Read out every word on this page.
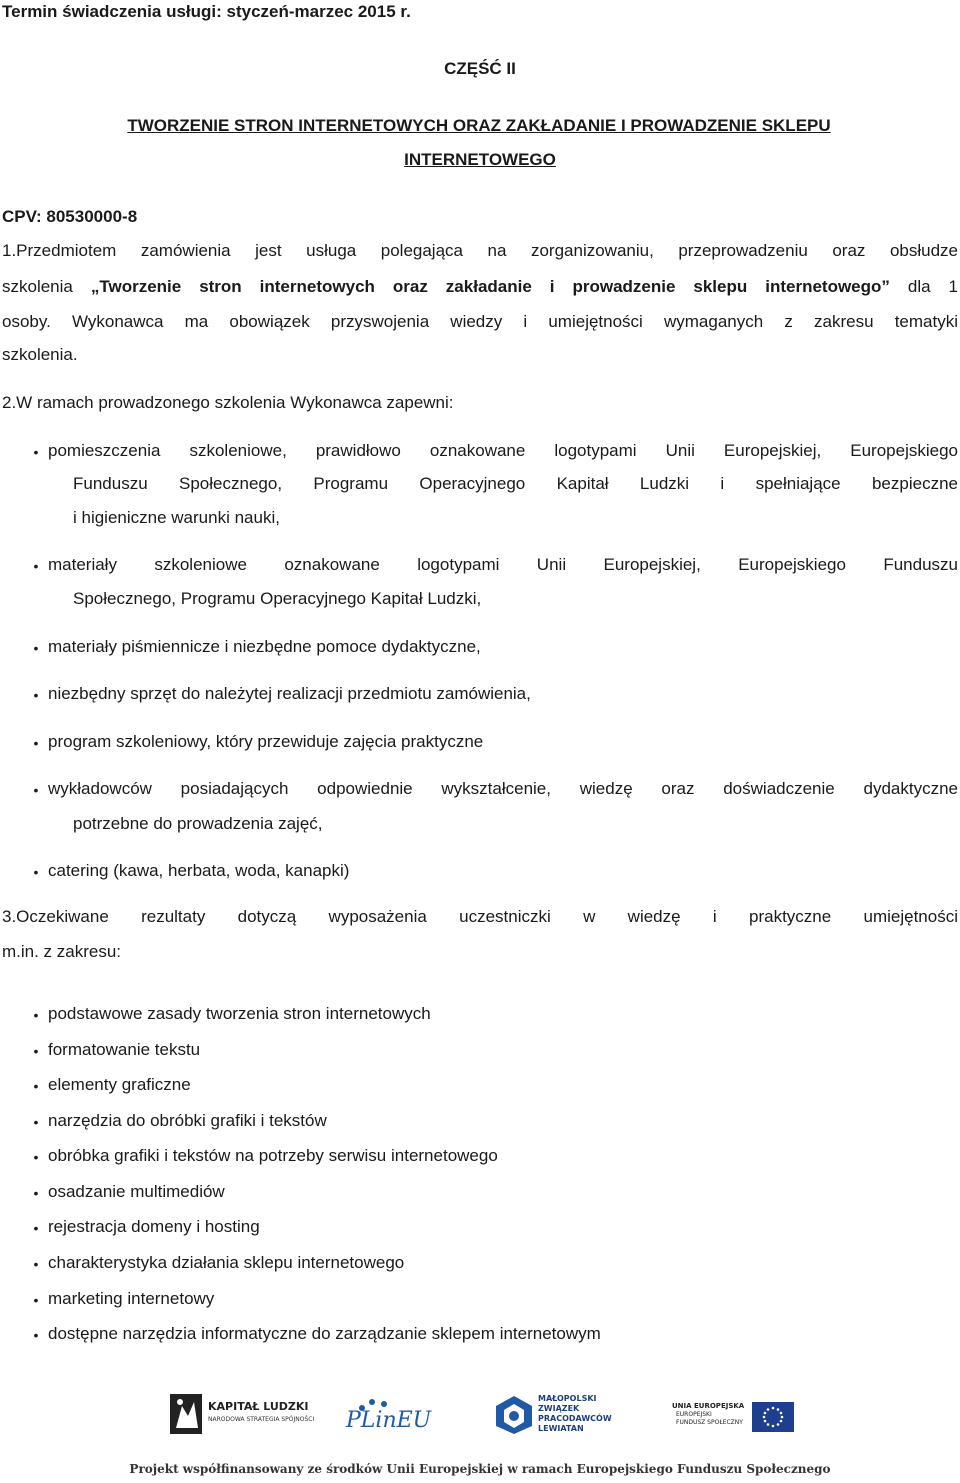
Termin świadczenia usługi: styczeń-marzec 2015 r.
CZĘŚĆ II
TWORZENIE STRON INTERNETOWYCH ORAZ ZAKŁADANIE I PROWADZENIE SKLEPU
INTERNETOWEGO
CPV: 80530000-8
1.Przedmiotem zamówienia jest usługa polegająca na zorganizowaniu, przeprowadzeniu oraz obsłudze
szkolenia „Tworzenie stron internetowych oraz zakładanie i prowadzenie sklepu internetowego” dla 1
osoby. Wykonawca ma obowiązek przyswojenia wiedzy i umiejętności wymaganych z zakresu tematyki
szkolenia.
2.W ramach prowadzonego szkolenia Wykonawca zapewni:
• pomieszczenia szkoleniowe, prawidłowo oznakowane logotypami Unii Europejskiej, Europejskiego
Funduszu Społecznego, Programu Operacyjnego Kapitał Ludzki i spełniające bezpieczne
i higieniczne warunki nauki,
• materiały szkoleniowe oznakowane logotypami Unii Europejskiej, Europejskiego Funduszu
Społecznego, Programu Operacyjnego Kapitał Ludzki,
• materiały piśmiennicze i niezbędne pomoce dydaktyczne,
• niezbędny sprzęt do należytej realizacji przedmiotu zamówienia,
• program szkoleniowy, który przewiduje zajęcia praktyczne
• wykładowców posiadających odpowiednie wykształcenie, wiedzę oraz doświadczenie dydaktyczne
potrzebne do prowadzenia zajęć,
• catering (kawa, herbata, woda, kanapki)
3.Oczekiwane rezultaty dotyczą wyposażenia uczestniczki w wiedzę i praktyczne umiejętności
m.in. z zakresu:
• podstawowe zasady tworzenia stron internetowych
• formatowanie tekstu
• elementy graficzne
• narzędzia do obróbki grafiki i tekstów
• obróbka grafiki i tekstów na potrzeby serwisu internetowego
• osadzanie multimediów
• rejestracja domeny i hosting
• charakterystyka działania sklepu internetowego
• marketing internetowy
• dostępne narzędzia informatyczne do zarządzanie sklepem internetowym
KAPITAŁ LUDZKI
NARODOWA STRATEGIA SPÓJNOŚCI PLinEU
MAŁOPOLSKI
ZWIĄZEK
PRACODAWCÓW
LEWIATAN
UNIA EUROPEJSKA
EUROPEJSKI
FUNDUSZ SPOŁECZNY
Projekt współfinansowany ze środków Unii Europejskiej w ramach Europejskiego Funduszu Społecznego
